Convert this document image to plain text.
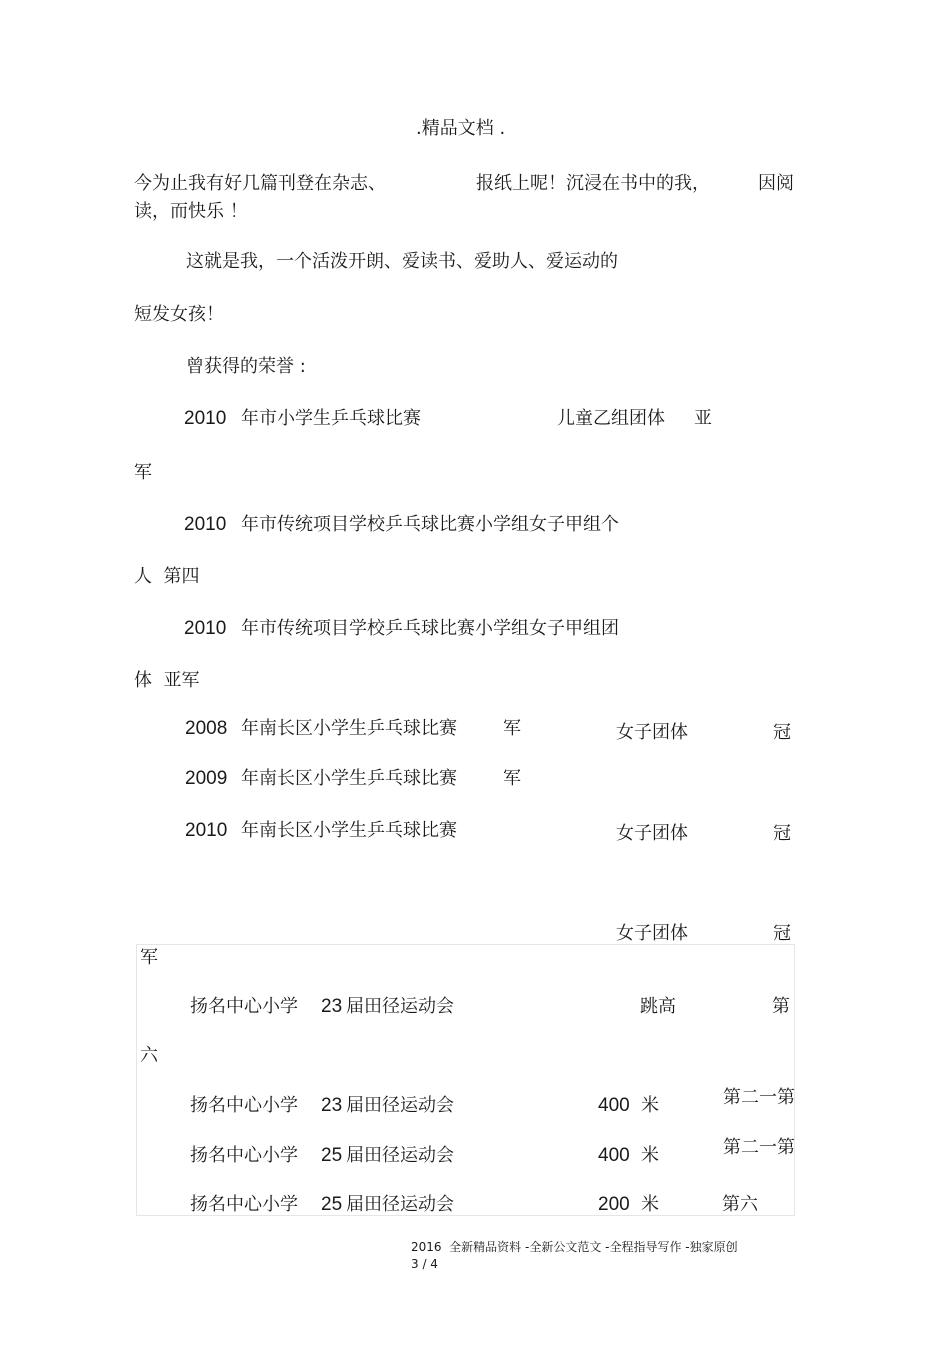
.精品文档 .
今为止我有好几篇刊登在杂志、	报纸上呢！沉浸在书中的我，	因阅
读，而快乐 ！
这就是我，一个活泼开朗、爱读书、爱助人、爱运动的
短发女孩！
曾获得的荣誉 :
2010 年市小学生乒乓球比赛	儿童乙组团体 亚
军
2010 年市传统项目学校乒乓球比赛小学组女子甲组个
人  第四
2010 年市传统项目学校乒乓球比赛小学组女子甲组团
体  亚军
2008 年南长区小学生乒乓球比赛	军	女子团体	冠
2009 年南长区小学生乒乓球比赛	军
2010 年南长区小学生乒乓球比赛	女子团体	冠
女子团体	冠
军
扬名中心小学 23 届田径运动会	跳高	第
六
扬名中心小学 23 届田径运动会	400 米	第二一第
扬名中心小学 25 届田径运动会	400 米	第二一第
扬名中心小学 25 届田径运动会	200 米	第六
2016  全新精品资料 -全新公文范文 -全程指导写作 -独家原创
3 / 4
